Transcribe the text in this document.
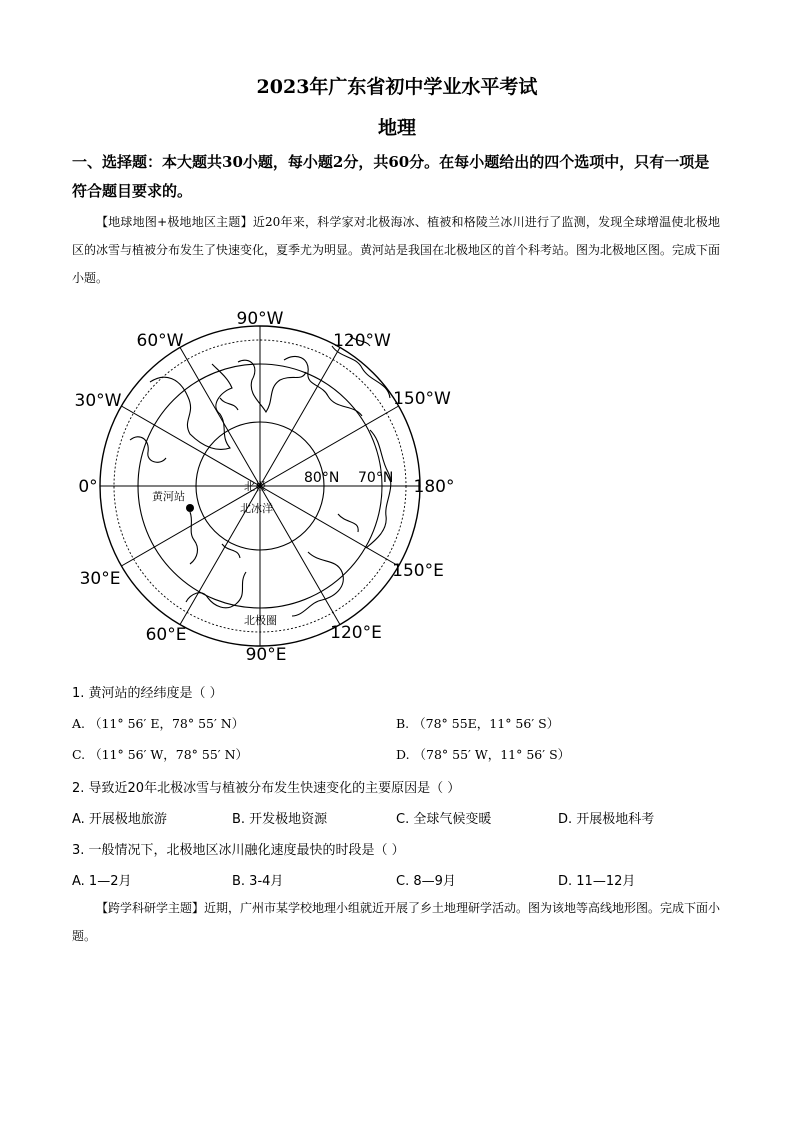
2023年广东省初中学业水平考试
地理
一、选择题：本大题共30小题，每小题2分，共60分。在每小题给出的四个选项中，只有一项是符合题目要求的。
【地球地图+极地地区主题】近20年来，科学家对北极海冰、植被和格陵兰冰川进行了监测，发现全球增温使北极地区的冰雪与植被分布发生了快速变化，夏季尤为明显。黄河站是我国在北极地区的首个科考站。图为北极地区图。完成下面小题。
90°W
60°W	120°W
30°W	150°W
0°	180°
30°E	150°E
60°E	120°E
90°E
80°N 70°N
黄河站
北极
北冰洋
北极圈
1. 黄河站的经纬度是（ ）
A. （11° 56′ E，78° 55′ N）	B. （78° 55E，11° 56′ S）
C. （11° 56′ W，78° 55′ N）	D. （78° 55′ W，11° 56′ S）
2. 导致近20年北极冰雪与植被分布发生快速变化的主要原因是（ ）
A. 开展极地旅游	B. 开发极地资源	C. 全球气候变暖	D. 开展极地科考
3. 一般情况下，北极地区冰川融化速度最快的时段是（ ）
A. 1—2月	B. 3-4月	C. 8—9月	D. 11—12月
【跨学科研学主题】近期，广州市某学校地理小组就近开展了乡土地理研学活动。图为该地等高线地形图。完成下面小题。
